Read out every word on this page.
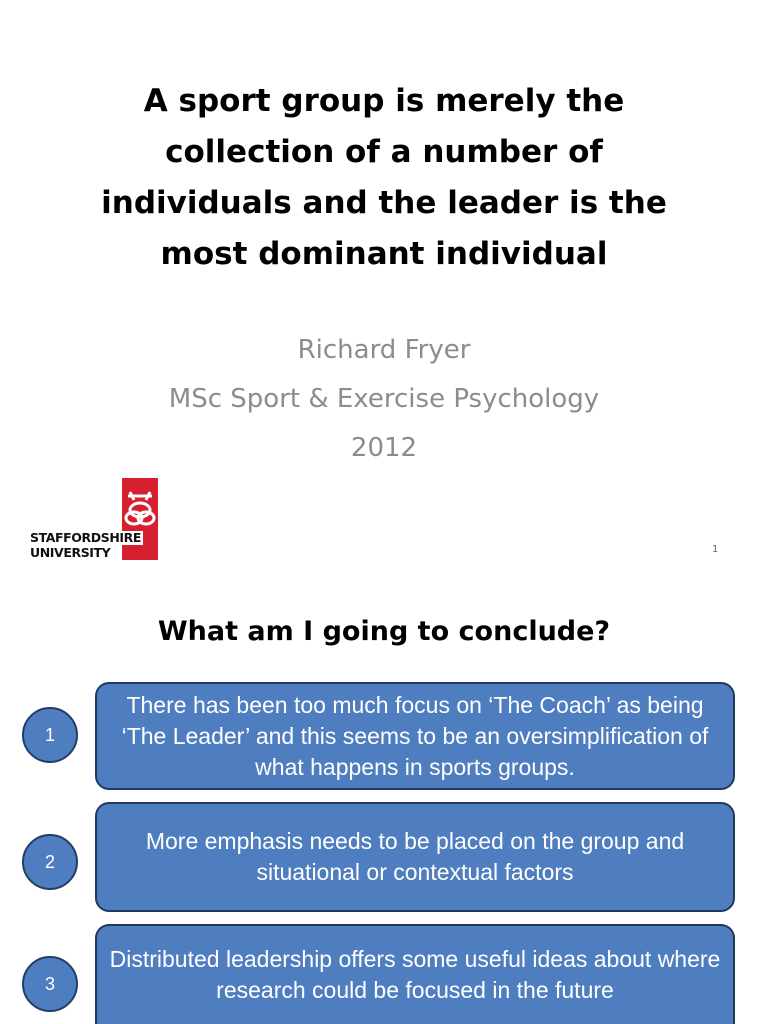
A sport group is merely the collection of a number of individuals and the leader is the most dominant individual

Richard Fryer

MSc Sport & Exercise Psychology

2012

STAFFORDSHIRE
UNIVERSITY	1
What am I going to conclude?
1
There has been too much focus on ‘The Coach’ as being ‘The Leader’ and this seems to be an oversimplification of what happens in sports groups.
2
More emphasis needs to be placed on the group and situational or contextual factors
3
Distributed leadership offers some useful ideas about where research could be focused in the future
